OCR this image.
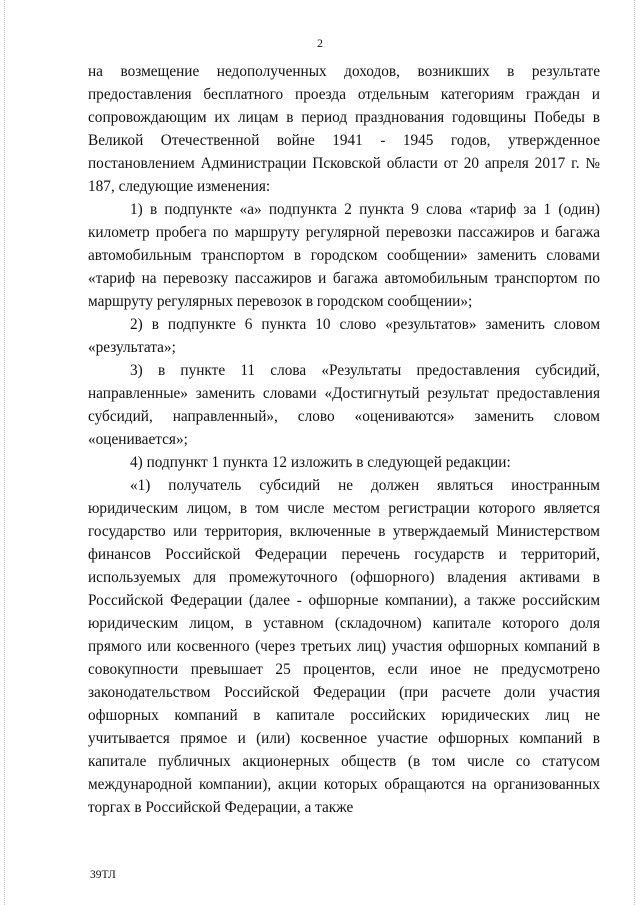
2

на возмещение недополученных доходов, возникших в результате предоставления бесплатного проезда отдельным категориям граждан и сопровождающим их лицам в период празднования годовщины Победы в Великой Отечественной войне 1941 - 1945 годов, утвержденное постановлением Администрации Псковской области от 20 апреля 2017 г. № 187, следующие изменения:

1) в подпункте «а» подпункта 2 пункта 9 слова «тариф за 1 (один) километр пробега по маршруту регулярной перевозки пассажиров и багажа автомобильным транспортом в городском сообщении» заменить словами «тариф на перевозку пассажиров и багажа автомобильным транспортом по маршруту регулярных перевозок в городском сообщении»;

2) в подпункте 6 пункта 10 слово «результатов» заменить словом «результата»;

3) в пункте 11 слова «Результаты предоставления субсидий, направленные» заменить словами «Достигнутый результат предоставления субсидий, направленный», слово «оцениваются» заменить словом «оценивается»;

4) подпункт 1 пункта 12 изложить в следующей редакции:

«1) получатель субсидий не должен являться иностранным юридическим лицом, в том числе местом регистрации которого является государство или территория, включенные в утверждаемый Министерством финансов Российской Федерации перечень государств и территорий, используемых для промежуточного (офшорного) владения активами в Российской Федерации (далее - офшорные компании), а также российским юридическим лицом, в уставном (складочном) капитале которого доля прямого или косвенного (через третьих лиц) участия офшорных компаний в совокупности превышает 25 процентов, если иное не предусмотрено законодательством Российской Федерации (при расчете доли участия офшорных компаний в капитале российских юридических лиц не учитывается прямое и (или) косвенное участие офшорных компаний в капитале публичных акционерных обществ (в том числе со статусом международной компании), акции которых обращаются на организованных торгах в Российской Федерации, а также

39ТЛ
